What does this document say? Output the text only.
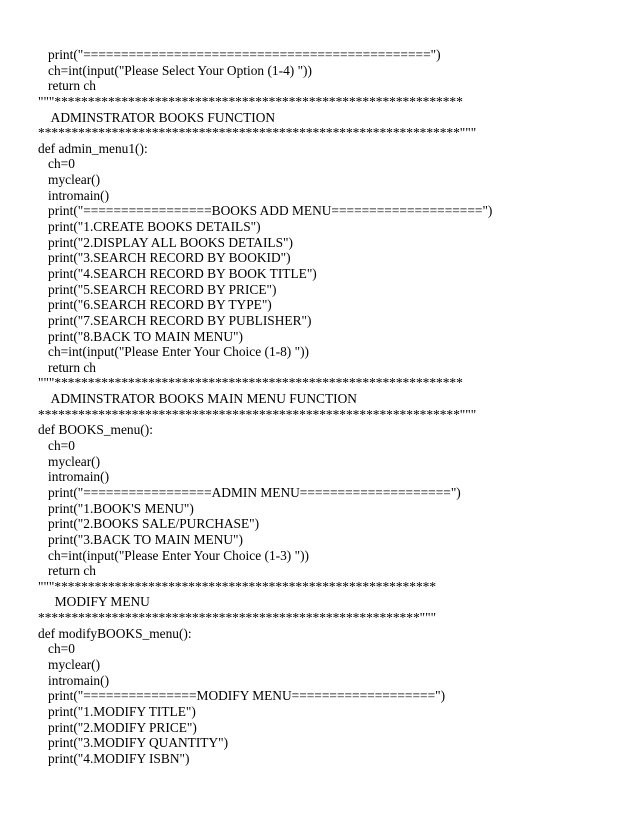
print("==============================================")
ch=int(input("Please Select Your Option (1-4) "))
return ch
"""*************************************************************
ADMINSTRATOR BOOKS FUNCTION
***************************************************************"""
def admin_menu1():
ch=0
myclear()
intromain()
print("=================BOOKS ADD MENU====================")
print("1.CREATE BOOKS DETAILS")
print("2.DISPLAY ALL BOOKS DETAILS")
print("3.SEARCH RECORD BY BOOKID")
print("4.SEARCH RECORD BY BOOK TITLE")
print("5.SEARCH RECORD BY PRICE")
print("6.SEARCH RECORD BY TYPE")
print("7.SEARCH RECORD BY PUBLISHER")
print("8.BACK TO MAIN MENU")
ch=int(input("Please Enter Your Choice (1-8) "))
return ch
"""*************************************************************
ADMINSTRATOR BOOKS MAIN MENU FUNCTION
***************************************************************"""
def BOOKS_menu():
ch=0
myclear()
intromain()
print("=================ADMIN MENU====================")
print("1.BOOK'S MENU")
print("2.BOOKS SALE/PURCHASE")
print("3.BACK TO MAIN MENU")
ch=int(input("Please Enter Your Choice (1-3) "))
return ch
"""*********************************************************
MODIFY MENU
*********************************************************"""
def modifyBOOKS_menu():
ch=0
myclear()
intromain()
print("===============MODIFY MENU===================")
print("1.MODIFY TITLE")
print("2.MODIFY PRICE")
print("3.MODIFY QUANTITY")
print("4.MODIFY ISBN")
